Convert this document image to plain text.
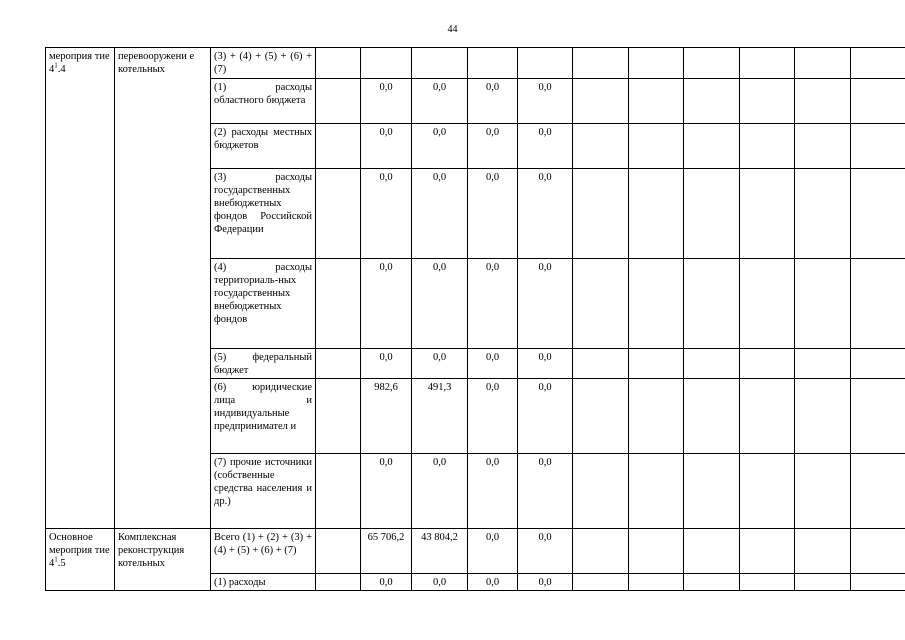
44
мероприя тие $4^1.4$	перевооружени е котельных	(3) + (4) + (5) + (6) + (7)											
		(1) расходы областного бюджета		0,0	0,0	0,0	0,0						
		(2) расходы местных бюджетов		0,0	0,0	0,0	0,0						
		(3) расходы государственных внебюджетных фондов Российской Федерации		0,0	0,0	0,0	0,0						
		(4) расходы территориаль-ных государственных внебюджетных фондов		0,0	0,0	0,0	0,0						
		(5) федеральный бюджет		0,0	0,0	0,0	0,0						
		(6) юридические лица и индивидуальные предпринимател и		982,6	491,3	0,0	0,0						
		(7) прочие источники (собственные средства населения и др.)		0,0	0,0	0,0	0,0						
Основное мероприя тие $4^1.5$	Комплексная реконструкция котельных	Всего (1) + (2) + (3) + (4) + (5) + (6) + (7)		65 706,2	43 804,2	0,0	0,0						
		(1) расходы		0,0	0,0	0,0	0,0						
